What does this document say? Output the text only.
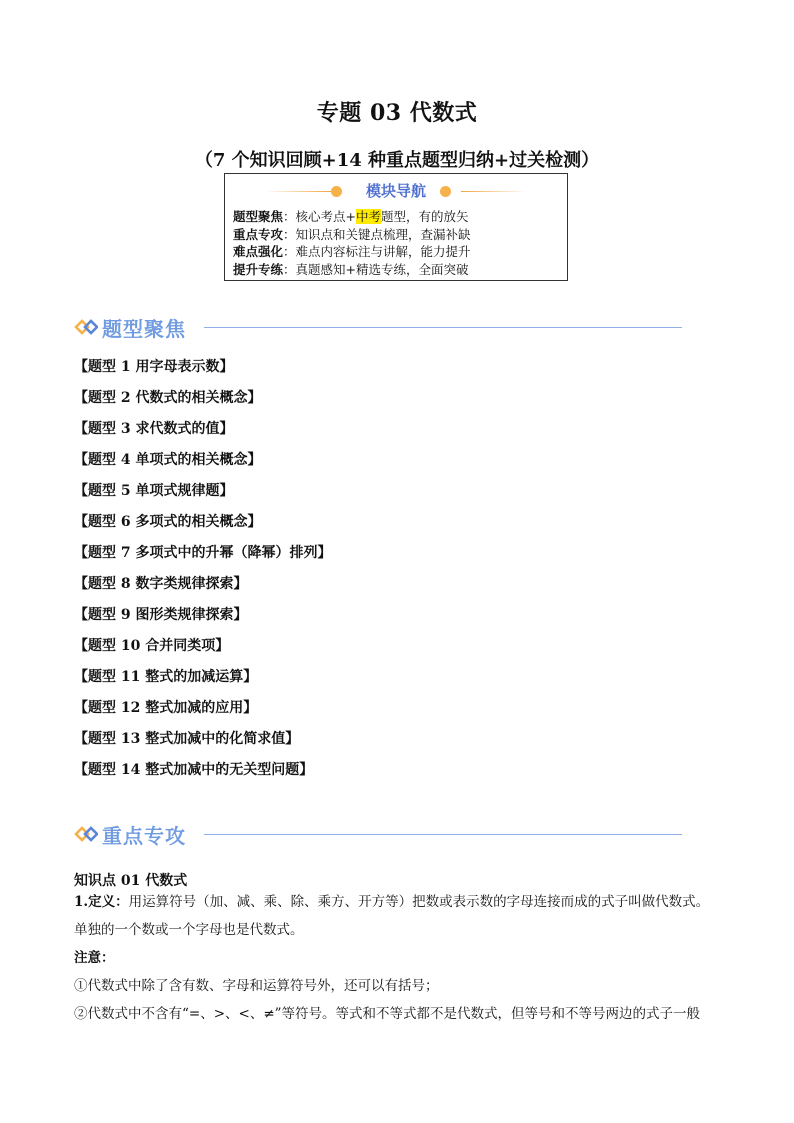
专题 03 代数式
（7 个知识回顾+14 种重点题型归纳+过关检测）
模块导航
题型聚焦：核心考点+中考题型，有的放矢
重点专攻：知识点和关键点梳理，查漏补缺
难点强化：难点内容标注与讲解，能力提升
提升专练：真题感知+精选专练，全面突破
题型聚焦
【题型 1 用字母表示数】
【题型 2 代数式的相关概念】
【题型 3 求代数式的值】
【题型 4 单项式的相关概念】
【题型 5 单项式规律题】
【题型 6 多项式的相关概念】
【题型 7 多项式中的升幂（降幂）排列】
【题型 8 数字类规律探索】
【题型 9 图形类规律探索】
【题型 10 合并同类项】
【题型 11 整式的加减运算】
【题型 12 整式加减的应用】
【题型 13 整式加减中的化简求值】
【题型 14 整式加减中的无关型问题】
重点专攻
知识点 01 代数式
1.定义：用运算符号（加、减、乘、除、乘方、开方等）把数或表示数的字母连接而成的式子叫做代数式。
单独的一个数或一个字母也是代数式。
注意：
①代数式中除了含有数、字母和运算符号外，还可以有括号；
②代数式中不含有“=、>、<、≠”等符号。等式和不等式都不是代数式，但等号和不等号两边的式子一般
